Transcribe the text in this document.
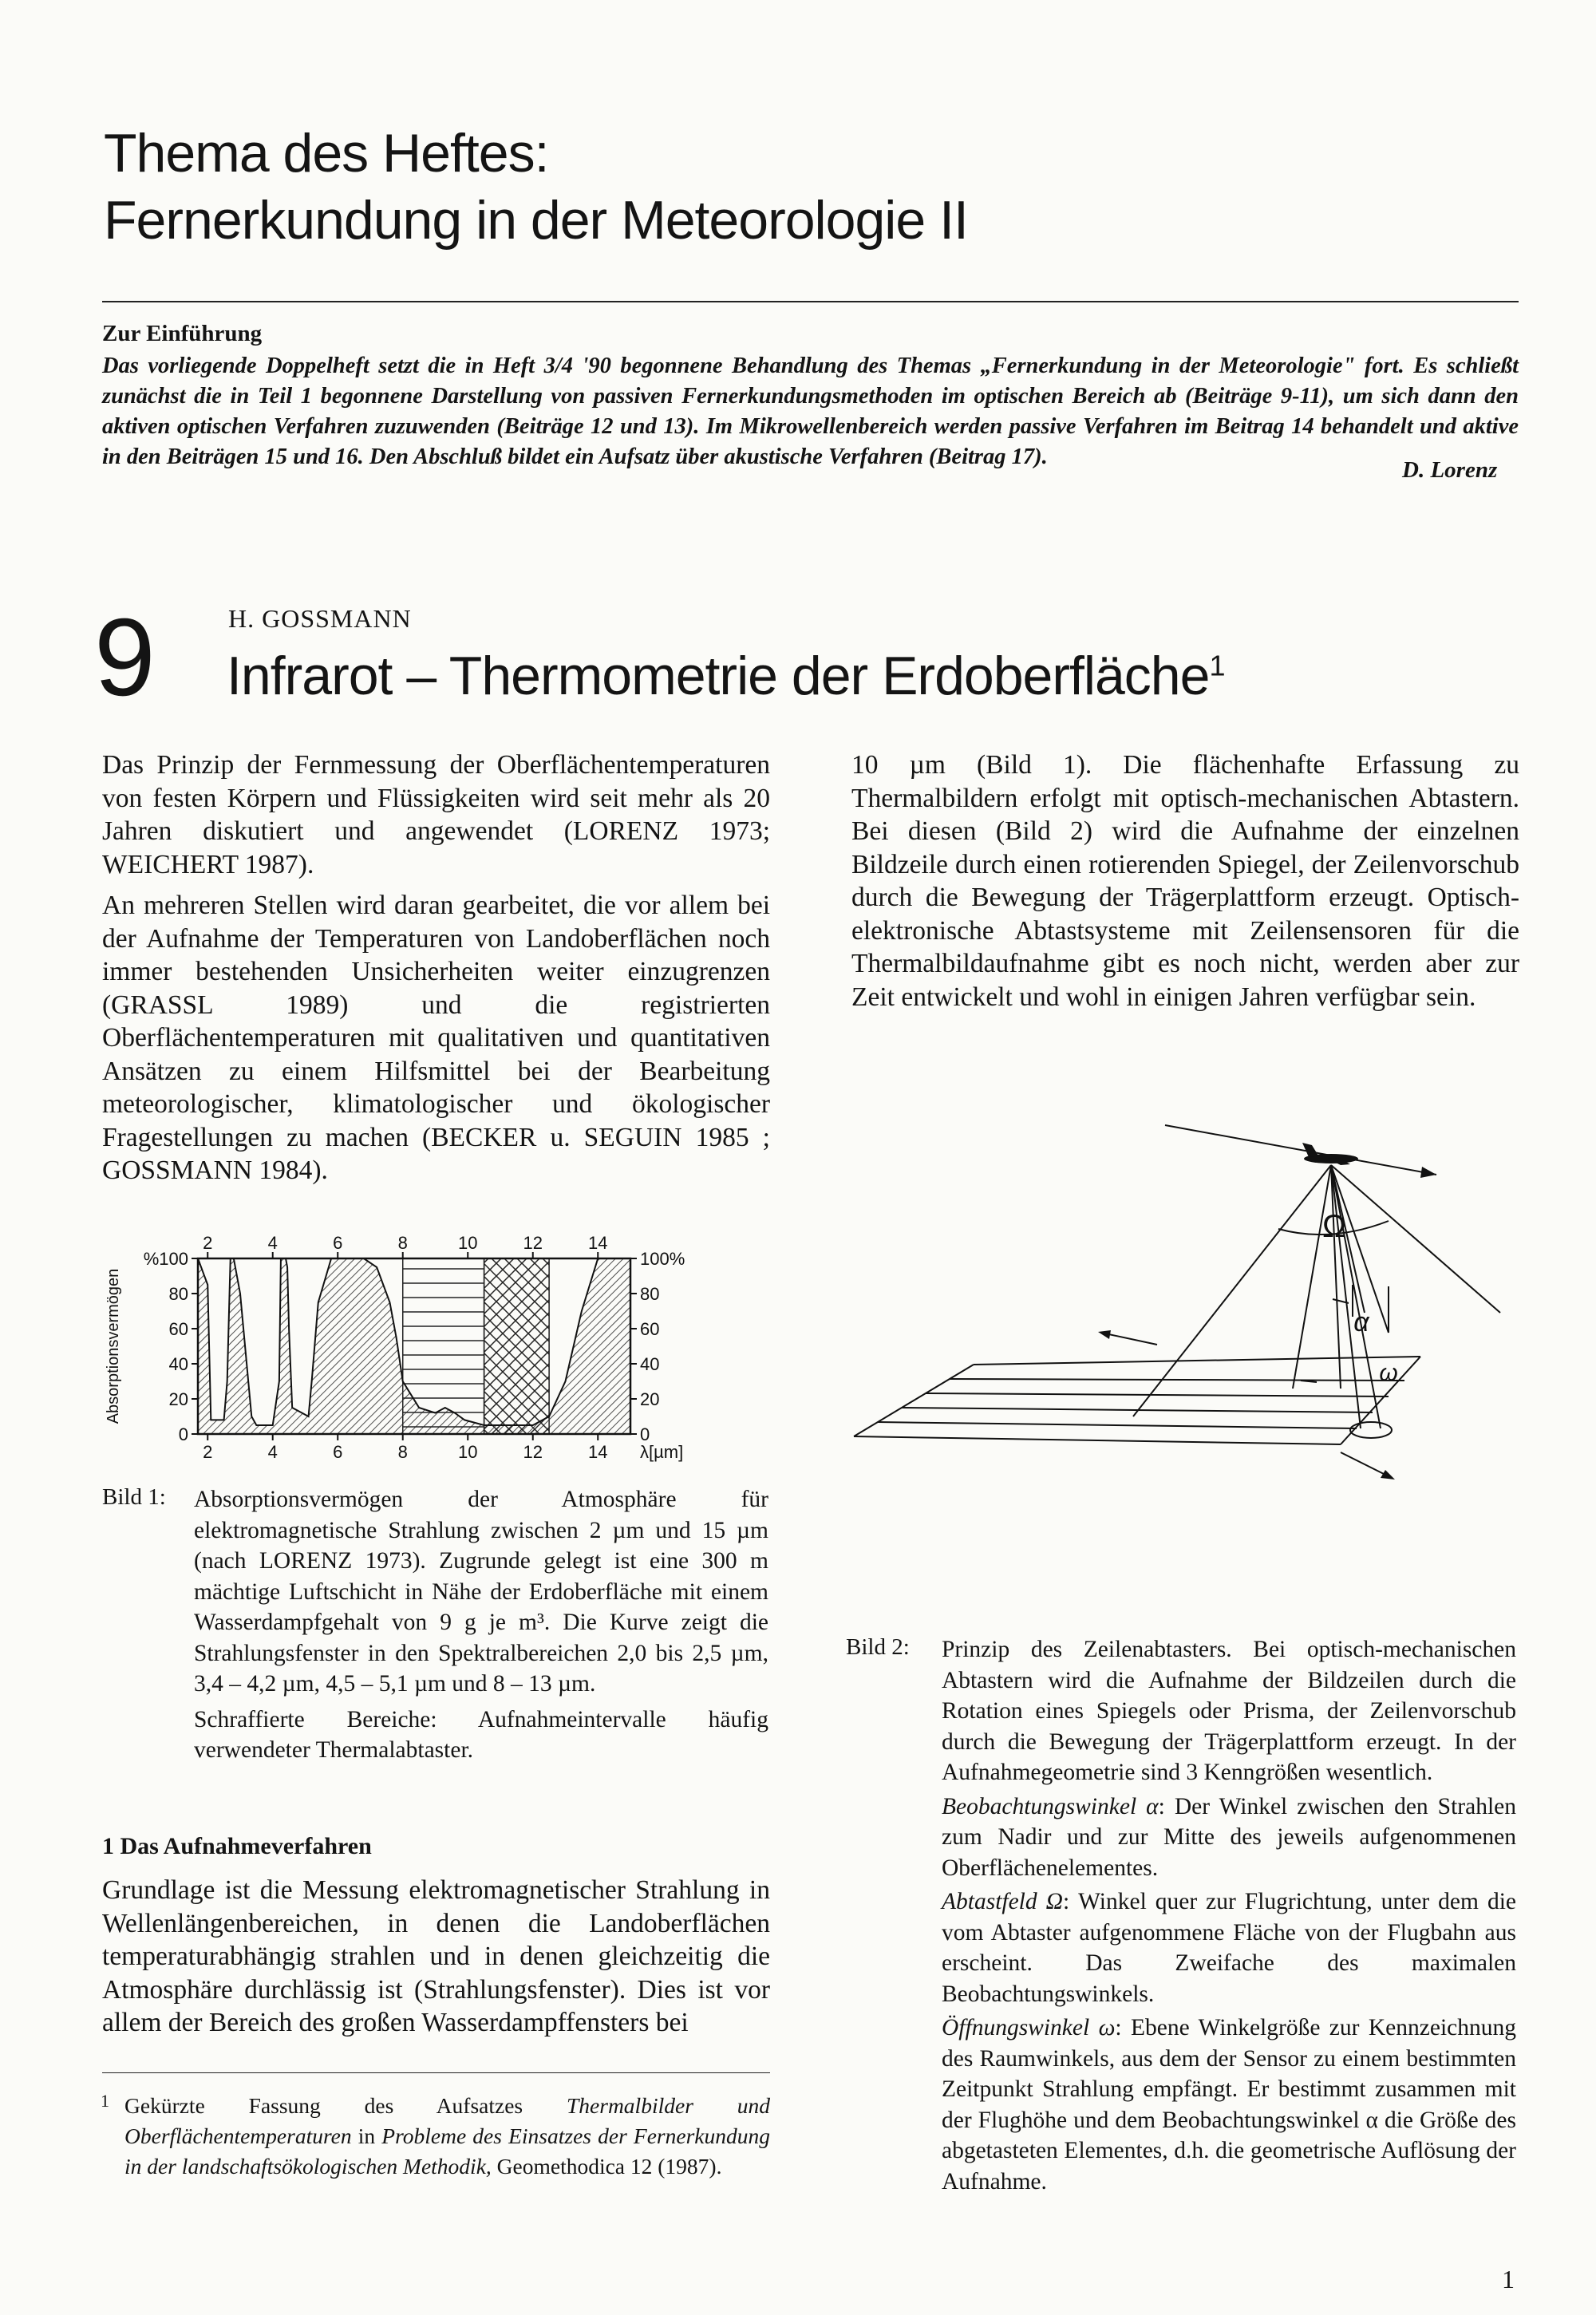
Thema des Heftes:
Fernerkundung in der Meteorologie II
Zur Einführung
Das vorliegende Doppelheft setzt die in Heft 3/4 '90 begonnene Behandlung des Themas „Fernerkundung in der Meteorologie" fort. Es schließt zunächst die in Teil 1 begonnene Darstellung von passiven Fernerkundungsmethoden im optischen Bereich ab (Beiträge 9-11), um sich dann den aktiven optischen Verfahren zuzuwenden (Beiträge 12 und 13). Im Mikrowellenbereich werden passive Verfahren im Beitrag 14 behandelt und aktive in den Beiträgen 15 und 16. Den Abschluß bildet ein Aufsatz über akustische Verfahren (Beitrag 17).
D. Lorenz
9	H. GOSSMANN
Infrarot – Thermometrie der Erdoberfläche$^1$

Das Prinzip der Fernmessung der Oberflächentemperaturen von festen Körpern und Flüssigkeiten wird seit mehr als 20 Jahren diskutiert und angewendet (LORENZ 1973; WEICHERT 1987).

An mehreren Stellen wird daran gearbeitet, die vor allem bei der Aufnahme der Temperaturen von Landoberflächen noch immer bestehenden Unsicherheiten weiter einzugrenzen (GRASSL 1989) und die registrierten Oberflächentemperaturen mit qualitativen und quantitativen Ansätzen zu einem Hilfsmittel bei der Bearbeitung meteorologischer, klimatologischer und ökologischer Fragestellungen zu machen (BECKER u. SEGUIN 1985 ; GOSSMANN 1984).

10 µm (Bild 1). Die flächenhafte Erfassung zu Thermalbildern erfolgt mit optisch-mechanischen Abtastern. Bei diesen (Bild 2) wird die Aufnahme der einzelnen Bildzeile durch einen rotierenden Spiegel, der Zeilenvorschub durch die Bewegung der Trägerplattform erzeugt. Optisch-elektronische Abtastsysteme mit Zeilensensoren für die Thermalbildaufnahme gibt es noch nicht, werden aber zur Zeit entwickelt und wohl in einigen Jahren verfügbar sein.

%100	100%
80	80
60	60
40	40
20	20
0	0
2
2
4
4
6
6
8
8
10
10
12
12
14
14 λ[µm]
Absorptionsvermögen
Bild 1: Absorptionsvermögen der Atmosphäre für elektromagnetische Strahlung zwischen 2 µm und 15 µm (nach LORENZ 1973). Zugrunde gelegt ist eine 300 m mächtige Luftschicht in Nähe der Erdoberfläche mit einem Wasserdampfgehalt von 9 g je m³. Die Kurve zeigt die Strahlungsfenster in den Spektralbereichen 2,0 bis 2,5 µm, 3,4 – 4,2 µm, 4,5 – 5,1 µm und 8 – 13 µm.

Schraffierte Bereiche: Aufnahmeintervalle häufig verwendeter Thermalabtaster.

1 Das Aufnahmeverfahren
Grundlage ist die Messung elektromagnetischer Strahlung in Wellenlängenbereichen, in denen die Landoberflächen temperaturabhängig strahlen und in denen gleichzeitig die Atmosphäre durchlässig ist (Strahlungsfenster). Dies ist vor allem der Bereich des großen Wasserdampffensters bei
1 Gekürzte Fassung des Aufsatzes Thermalbilder und Oberflächentemperaturen in Probleme des Einsatzes der Fernerkundung in der landschaftsökologischen Methodik, Geomethodica 12 (1987).
Ω
α
ω
Bild 2: Prinzip des Zeilenabtasters. Bei optisch-mechanischen Abtastern wird die Aufnahme der Bildzeilen durch die Rotation eines Spiegels oder Prisma, der Zeilenvorschub durch die Bewegung der Trägerplattform erzeugt. In der Aufnahmegeometrie sind 3 Kenngrößen wesentlich.

Beobachtungswinkel α: Der Winkel zwischen den Strahlen zum Nadir und zur Mitte des jeweils aufgenommenen Oberflächenelementes.

Abtastfeld Ω: Winkel quer zur Flugrichtung, unter dem die vom Abtaster aufgenommene Fläche von der Flugbahn aus erscheint. Das Zweifache des maximalen Beobachtungswinkels.

Öffnungswinkel ω: Ebene Winkelgröße zur Kennzeichnung des Raumwinkels, aus dem der Sensor zu einem bestimmten Zeitpunkt Strahlung empfängt. Er bestimmt zusammen mit der Flughöhe und dem Beobachtungswinkel α die Größe des abgetasteten Elementes, d.h. die geometrische Auflösung der Aufnahme.

1
